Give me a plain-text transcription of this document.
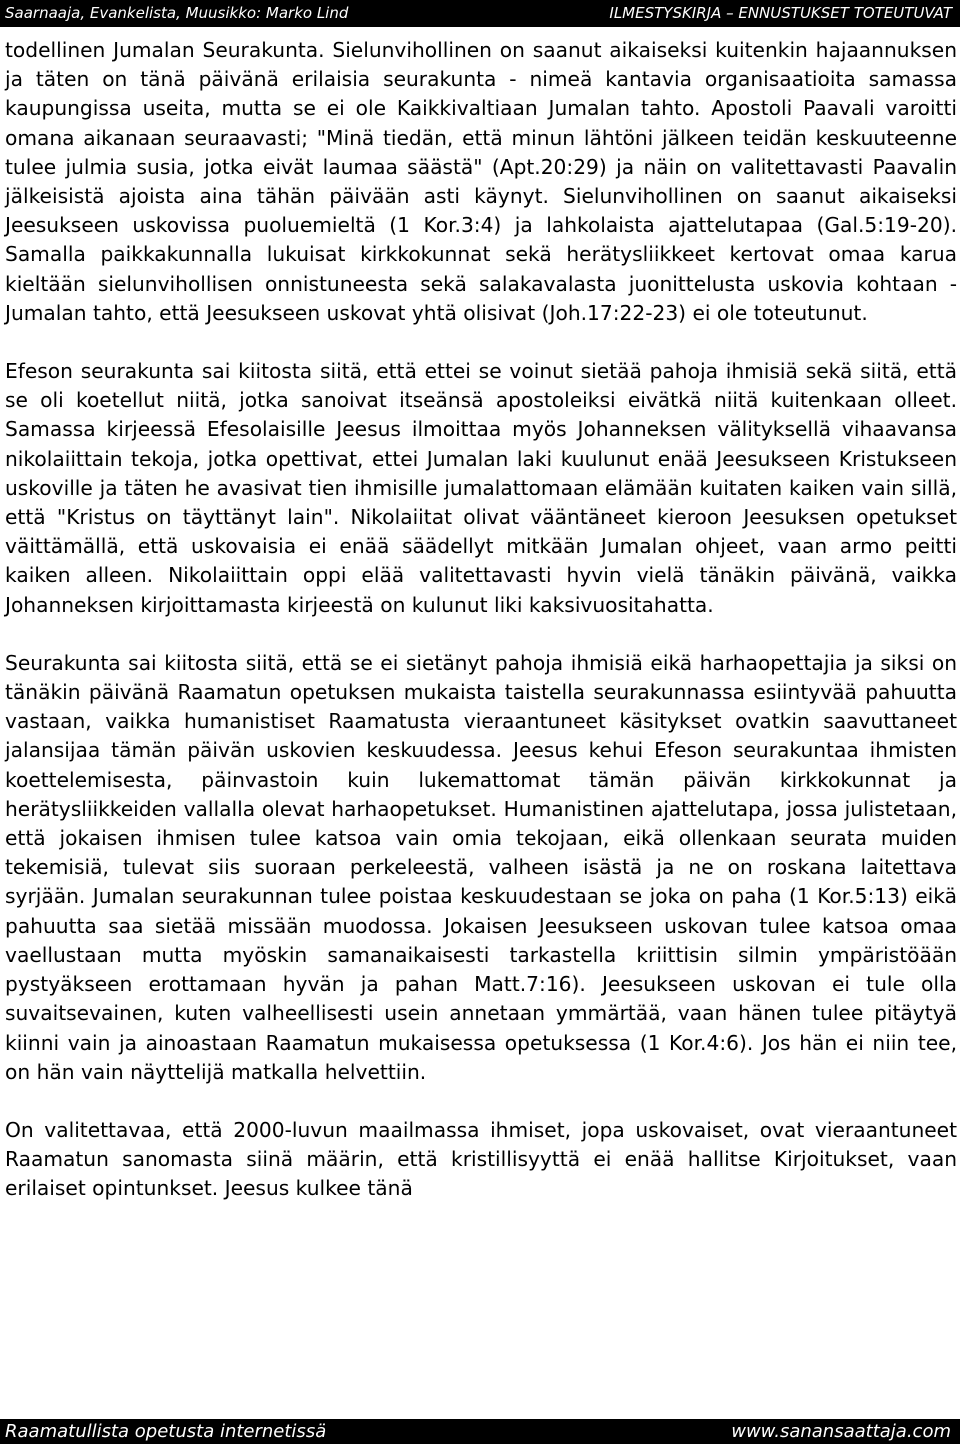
Saarnaaja, Evankelista, Muusikko: Marko Lind	ILMESTYSKIRJA – ENNUSTUKSET TOTEUTUVAT

todellinen Jumalan Seurakunta. Sielunvihollinen on saanut aikaiseksi kuitenkin hajaannuksen ja täten on tänä päivänä erilaisia seurakunta - nimeä kantavia organisaatioita samassa kaupungissa useita, mutta se ei ole Kaikkivaltiaan Jumalan tahto. Apostoli Paavali varoitti omana aikanaan seuraavasti; "Minä tiedän, että minun lähtöni jälkeen teidän keskuuteenne tulee julmia susia, jotka eivät laumaa säästä" (Apt.20:29) ja näin on valitettavasti Paavalin jälkeisistä ajoista aina tähän päivään asti käynyt. Sielunvihollinen on saanut aikaiseksi Jeesukseen uskovissa puoluemieltä (1 Kor.3:4) ja lahkolaista ajattelutapaa (Gal.5:19-20). Samalla paikkakunnalla lukuisat kirkkokunnat sekä herätysliikkeet kertovat omaa karua kieltään sielunvihollisen onnistuneesta sekä salakavalasta juonittelusta uskovia kohtaan - Jumalan tahto, että Jeesukseen uskovat yhtä olisivat (Joh.17:22-23) ei ole toteutunut.

Efeson seurakunta sai kiitosta siitä, että ettei se voinut sietää pahoja ihmisiä sekä siitä, että se oli koetellut niitä, jotka sanoivat itseänsä apostoleiksi eivätkä niitä kuitenkaan olleet. Samassa kirjeessä Efesolaisille Jeesus ilmoittaa myös Johanneksen välityksellä vihaavansa nikolaiittain tekoja, jotka opettivat, ettei Jumalan laki kuulunut enää Jeesukseen Kristukseen uskoville ja täten he avasivat tien ihmisille jumalattomaan elämään kuitaten kaiken vain sillä, että "Kristus on täyttänyt lain". Nikolaiitat olivat vääntäneet kieroon Jeesuksen opetukset väittämällä, että uskovaisia ei enää säädellyt mitkään Jumalan ohjeet, vaan armo peitti kaiken alleen. Nikolaiittain oppi elää valitettavasti hyvin vielä tänäkin päivänä, vaikka Johanneksen kirjoittamasta kirjeestä on kulunut liki kaksivuositahatta.

Seurakunta sai kiitosta siitä, että se ei sietänyt pahoja ihmisiä eikä harhaopettajia ja siksi on tänäkin päivänä Raamatun opetuksen mukaista taistella seurakunnassa esiintyvää pahuutta vastaan, vaikka humanistiset Raamatusta vieraantuneet käsitykset ovatkin saavuttaneet jalansijaa tämän päivän uskovien keskuudessa. Jeesus kehui Efeson seurakuntaa ihmisten koettelemisesta, päinvastoin kuin lukemattomat tämän päivän kirkkokunnat ja herätysliikkeiden vallalla olevat harhaopetukset. Humanistinen ajattelutapa, jossa julistetaan, että jokaisen ihmisen tulee katsoa vain omia tekojaan, eikä ollenkaan seurata muiden tekemisiä, tulevat siis suoraan perkeleestä, valheen isästä ja ne on roskana laitettava syrjään. Jumalan seurakunnan tulee poistaa keskuudestaan se joka on paha (1 Kor.5:13) eikä pahuutta saa sietää missään muodossa. Jokaisen Jeesukseen uskovan tulee katsoa omaa vaellustaan mutta myöskin samanaikaisesti tarkastella kriittisin silmin ympäristöään pystyäkseen erottamaan hyvän ja pahan Matt.7:16). Jeesukseen uskovan ei tule olla suvaitsevainen, kuten valheellisesti usein annetaan ymmärtää, vaan hänen tulee pitäytyä kiinni vain ja ainoastaan Raamatun mukaisessa opetuksessa (1 Kor.4:6). Jos hän ei niin tee, on hän vain näyttelijä matkalla helvettiin.

On valitettavaa, että 2000-luvun maailmassa ihmiset, jopa uskovaiset, ovat vieraantuneet Raamatun sanomasta siinä määrin, että kristillisyyttä ei enää hallitse Kirjoitukset, vaan erilaiset opintunkset. Jeesus kulkee tänä

Raamatullista opetusta internetissä	www.sanansaattaja.com
